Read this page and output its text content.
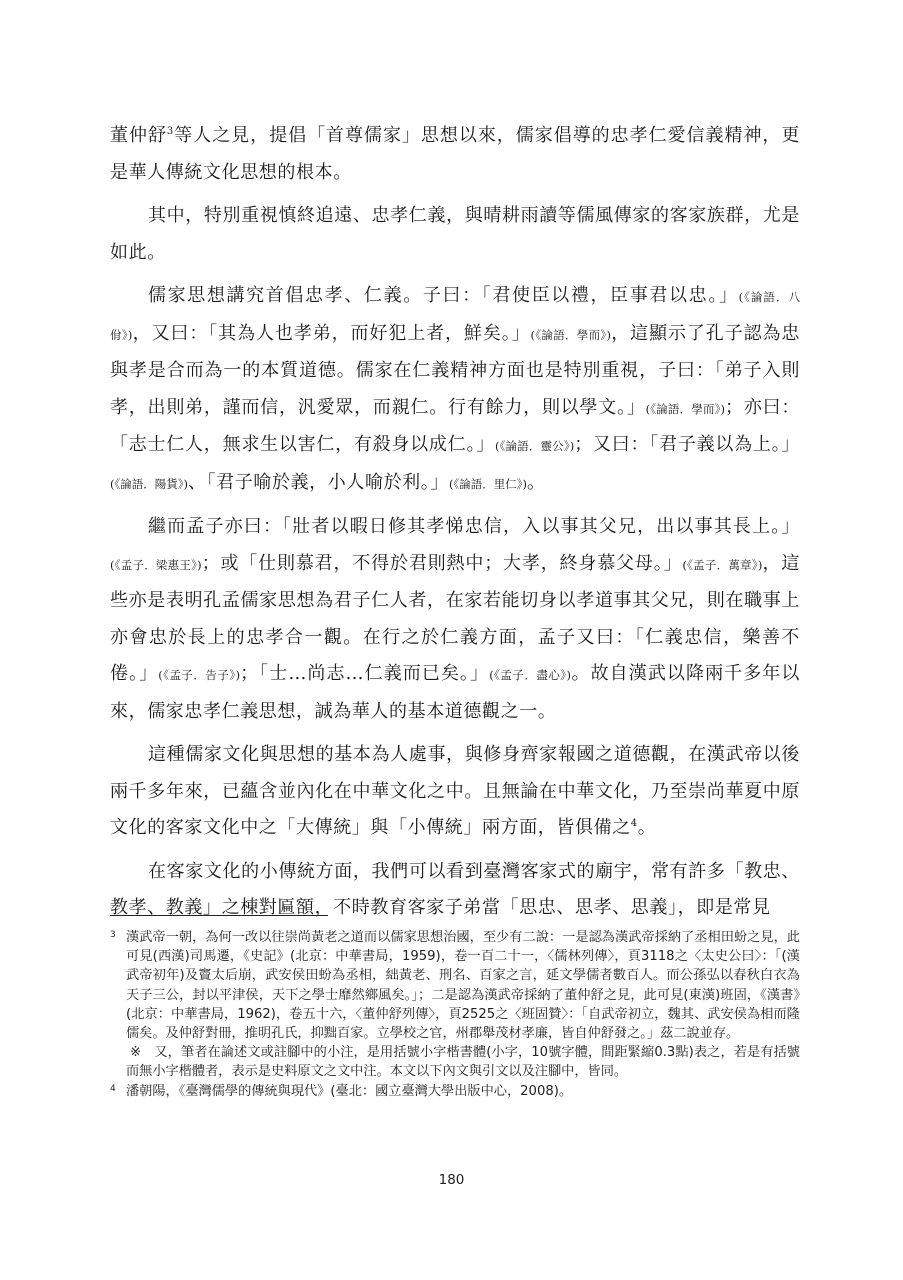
董仲舒$^3$等人之見，提倡「首尊儒家」思想以來，儒家倡導的忠孝仁愛信義精神，更是華人傳統文化思想的根本。

其中，特別重視慎終追遠、忠孝仁義，與晴耕雨讀等儒風傳家的客家族群，尤是如此。

儒家思想講究首倡忠孝、仁義。子曰：「君使臣以禮，臣事君以忠。」(《論語．八佾》)，又曰：「其為人也孝弟，而好犯上者，鮮矣。」(《論語．學而》)，這顯示了孔子認為忠與孝是合而為一的本質道德。儒家在仁義精神方面也是特別重視，子曰：「弟子入則孝，出則弟，謹而信，汎愛眾，而親仁。行有餘力，則以學文。」(《論語．學而》)；亦曰：「志士仁人，無求生以害仁，有殺身以成仁。」(《論語．靈公》)；又曰：「君子義以為上。」(《論語．陽貨》)、「君子喻於義，小人喻於利。」(《論語．里仁》)。

繼而孟子亦曰：「壯者以暇日修其孝悌忠信，入以事其父兄，出以事其長上。」(《孟子．梁惠王》)；或「仕則慕君，不得於君則熱中；大孝，終身慕父母。」(《孟子．萬章》)，這些亦是表明孔孟儒家思想為君子仁人者，在家若能切身以孝道事其父兄，則在職事上亦會忠於長上的忠孝合一觀。在行之於仁義方面，孟子又曰：「仁義忠信，樂善不倦。」(《孟子．告子》)；「士…尚志…仁義而已矣。」(《孟子．盡心》)。故自漢武以降兩千多年以來，儒家忠孝仁義思想，誠為華人的基本道德觀之一。

這種儒家文化與思想的基本為人處事，與修身齊家報國之道德觀，在漢武帝以後兩千多年來，已蘊含並內化在中華文化之中。且無論在中華文化，乃至崇尚華夏中原文化的客家文化中之「大傳統」與「小傳統」兩方面，皆俱備之$^4$。

在客家文化的小傳統方面，我們可以看到臺灣客家式的廟宇，常有許多「教忠、教孝、教義」之棟對匾額，不時教育客家子弟當「思忠、思孝、思義」，即是常見

3 漢武帝一朝，為何一改以往崇尚黃老之道而以儒家思想治國，至少有二說：一是認為漢武帝採納了丞相田蚡之見，此可見(西漢)司馬遷，《史記》(北京：中華書局，1959)，卷一百二十一，〈儒林列傳〉，頁3118之〈太史公曰〉：「(漢武帝初年)及竇太后崩，武安侯田蚡為丞相，絀黃老、刑名、百家之言，延文學儒者數百人。而公孫弘以春秋白衣為天子三公，封以平津侯，天下之學士靡然鄉風矣。」；二是認為漢武帝採納了董仲舒之見，此可見(東漢)班固，《漢書》(北京：中華書局，1962)，卷五十六，〈董仲舒列傳〉，頁2525之〈班固贊〉：「自武帝初立，魏其、武安侯為相而隆儒矣。及仲舒對冊，推明孔氏，抑黜百家。立學校之官，州郡舉茂材孝廉，皆自仲舒發之。」茲二說並存。

※　又，筆者在論述文或註腳中的小注，是用括號小字楷書體(小字，10號字體，間距緊縮0.3點)表之，若是有括號而無小字楷體者，表示是史料原文之文中注。本文以下內文與引文以及注腳中，皆同。

4 潘朝陽，《臺灣儒學的傳統與現代》(臺北：國立臺灣大學出版中心，2008)。

180
